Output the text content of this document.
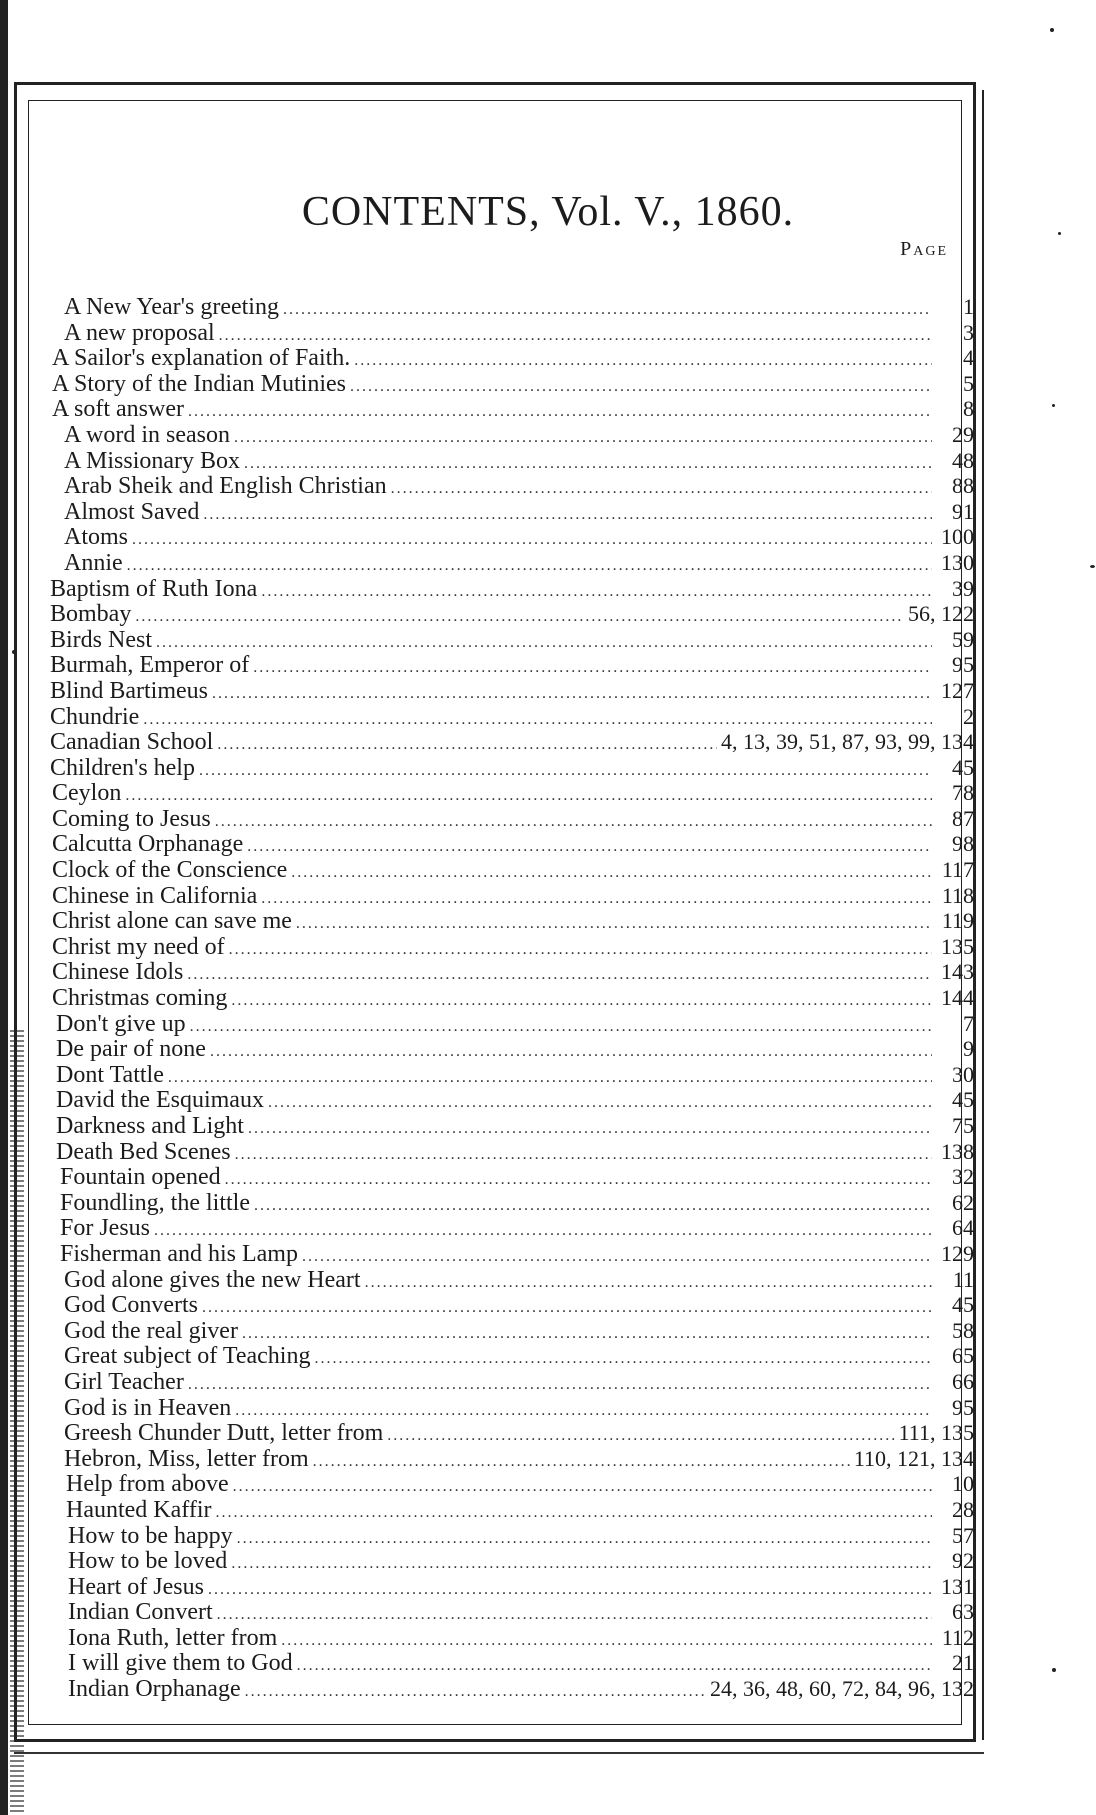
CONTENTS, Vol. V., 1860.
Page
A New Year's greeting .....	1
A new proposal .....	3
A Sailor's explanation of Faith. .....	4
A Story of the Indian Mutinies .....	5
A soft answer .....	8
A word in season .....	29
A Missionary Box .....	48
Arab Sheik and English Christian .....	88
Almost Saved .....	91
Atoms .....	100
Annie .....	130
Baptism of Ruth Iona .....	39
Bombay .....	56, 122
Birds Nest .....	59
Burmah, Emperor of .....	95
Blind Bartimeus .....	127
Chundrie .....	2
Canadian School .....	4, 13, 39, 51, 87, 93, 99, 134
Children's help .....	45
Ceylon .....	78
Coming to Jesus .....	87
Calcutta Orphanage .....	98
Clock of the Conscience .....	117
Chinese in California .....	118
Christ alone can save me .....	119
Christ my need of .....	135
Chinese Idols .....	143
Christmas coming .....	144
Don't give up .....	7
De pair of none .....	9
Dont Tattle .....	30
David the Esquimaux .....	45
Darkness and Light .....	75
Death Bed Scenes .....	138
Fountain opened .....	32
Foundling, the little .....	62
For Jesus .....	64
Fisherman and his Lamp .....	129
God alone gives the new Heart .....	11
God Converts .....	45
God the real giver .....	58
Great subject of Teaching .....	65
Girl Teacher .....	66
God is in Heaven .....	95
Greesh Chunder Dutt, letter from .....	111, 135
Hebron, Miss, letter from .....	110, 121, 134
Help from above .....	10
Haunted Kaffir .....	28
How to be happy .....	57
How to be loved .....	92
Heart of Jesus .....	131
Indian Convert .....	63
Iona Ruth, letter from .....	112
I will give them to God .....	21
Indian Orphanage .....	24, 36, 48, 60, 72, 84, 96, 132
